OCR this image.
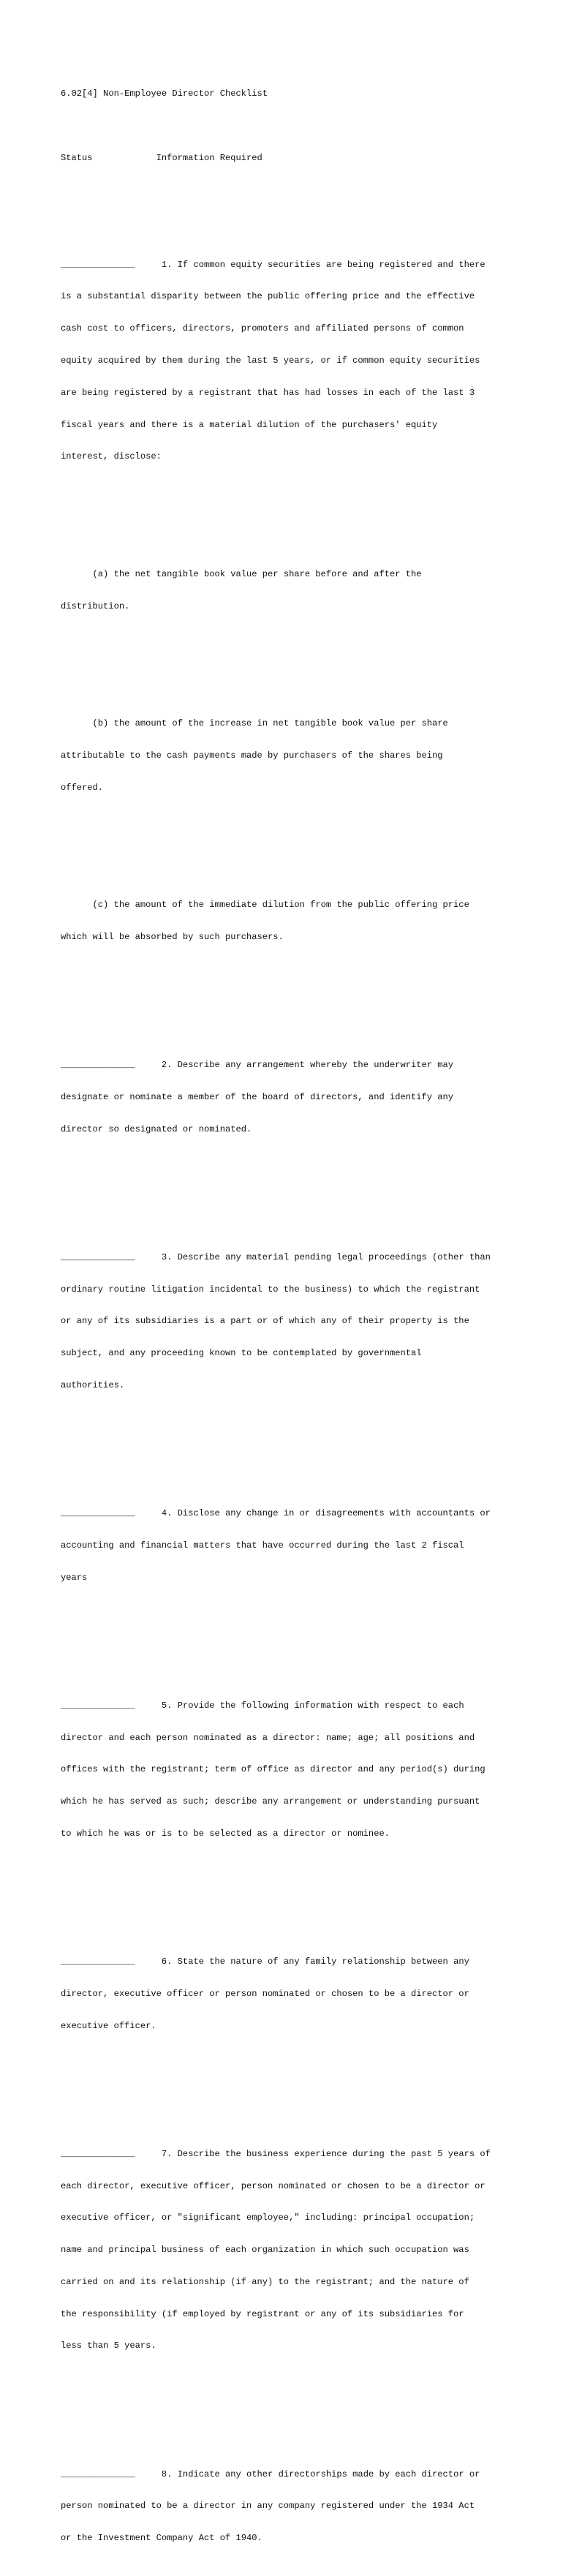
6.02[4] Non-Employee Director Checklist

Status	Information Required

______________	1. If common equity securities are being registered and there

is a substantial disparity between the public offering price and the effective

cash cost to officers, directors, promoters and affiliated persons of common

equity acquired by them during the last 5 years, or if common equity securities

are being registered by a registrant that has had losses in each of the last 3

fiscal years and there is a material dilution of the purchasers' equity

interest, disclose:

(a) the net tangible book value per share before and after the

distribution.

(b) the amount of the increase in net tangible book value per share

attributable to the cash payments made by purchasers of the shares being

offered.

(c) the amount of the immediate dilution from the public offering price

which will be absorbed by such purchasers.

______________	2. Describe any arrangement whereby the underwriter may

designate or nominate a member of the board of directors, and identify any

director so designated or nominated.

______________	3. Describe any material pending legal proceedings (other than

ordinary routine litigation incidental to the business) to which the registrant

or any of its subsidiaries is a part or of which any of their property is the

subject, and any proceeding known to be contemplated by governmental

authorities.

______________	4. Disclose any change in or disagreements with accountants or

accounting and financial matters that have occurred during the last 2 fiscal

years

______________	5. Provide the following information with respect to each

director and each person nominated as a director: name; age; all positions and

offices with the registrant; term of office as director and any period(s) during

which he has served as such; describe any arrangement or understanding pursuant

to which he was or is to be selected as a director or nominee.

______________	6. State the nature of any family relationship between any

director, executive officer or person nominated or chosen to be a director or

executive officer.

______________	7. Describe the business experience during the past 5 years of

each director, executive officer, person nominated or chosen to be a director or

executive officer, or "significant employee," including: principal occupation;

name and principal business of each organization in which such occupation was

carried on and its relationship (if any) to the registrant; and the nature of

the responsibility (if employed by registrant or any of its subsidiaries for

less than 5 years.

______________	8. Indicate any other directorships made by each director or

person nominated to be a director in any company registered under the 1934 Act

or the Investment Company Act of 1940.
